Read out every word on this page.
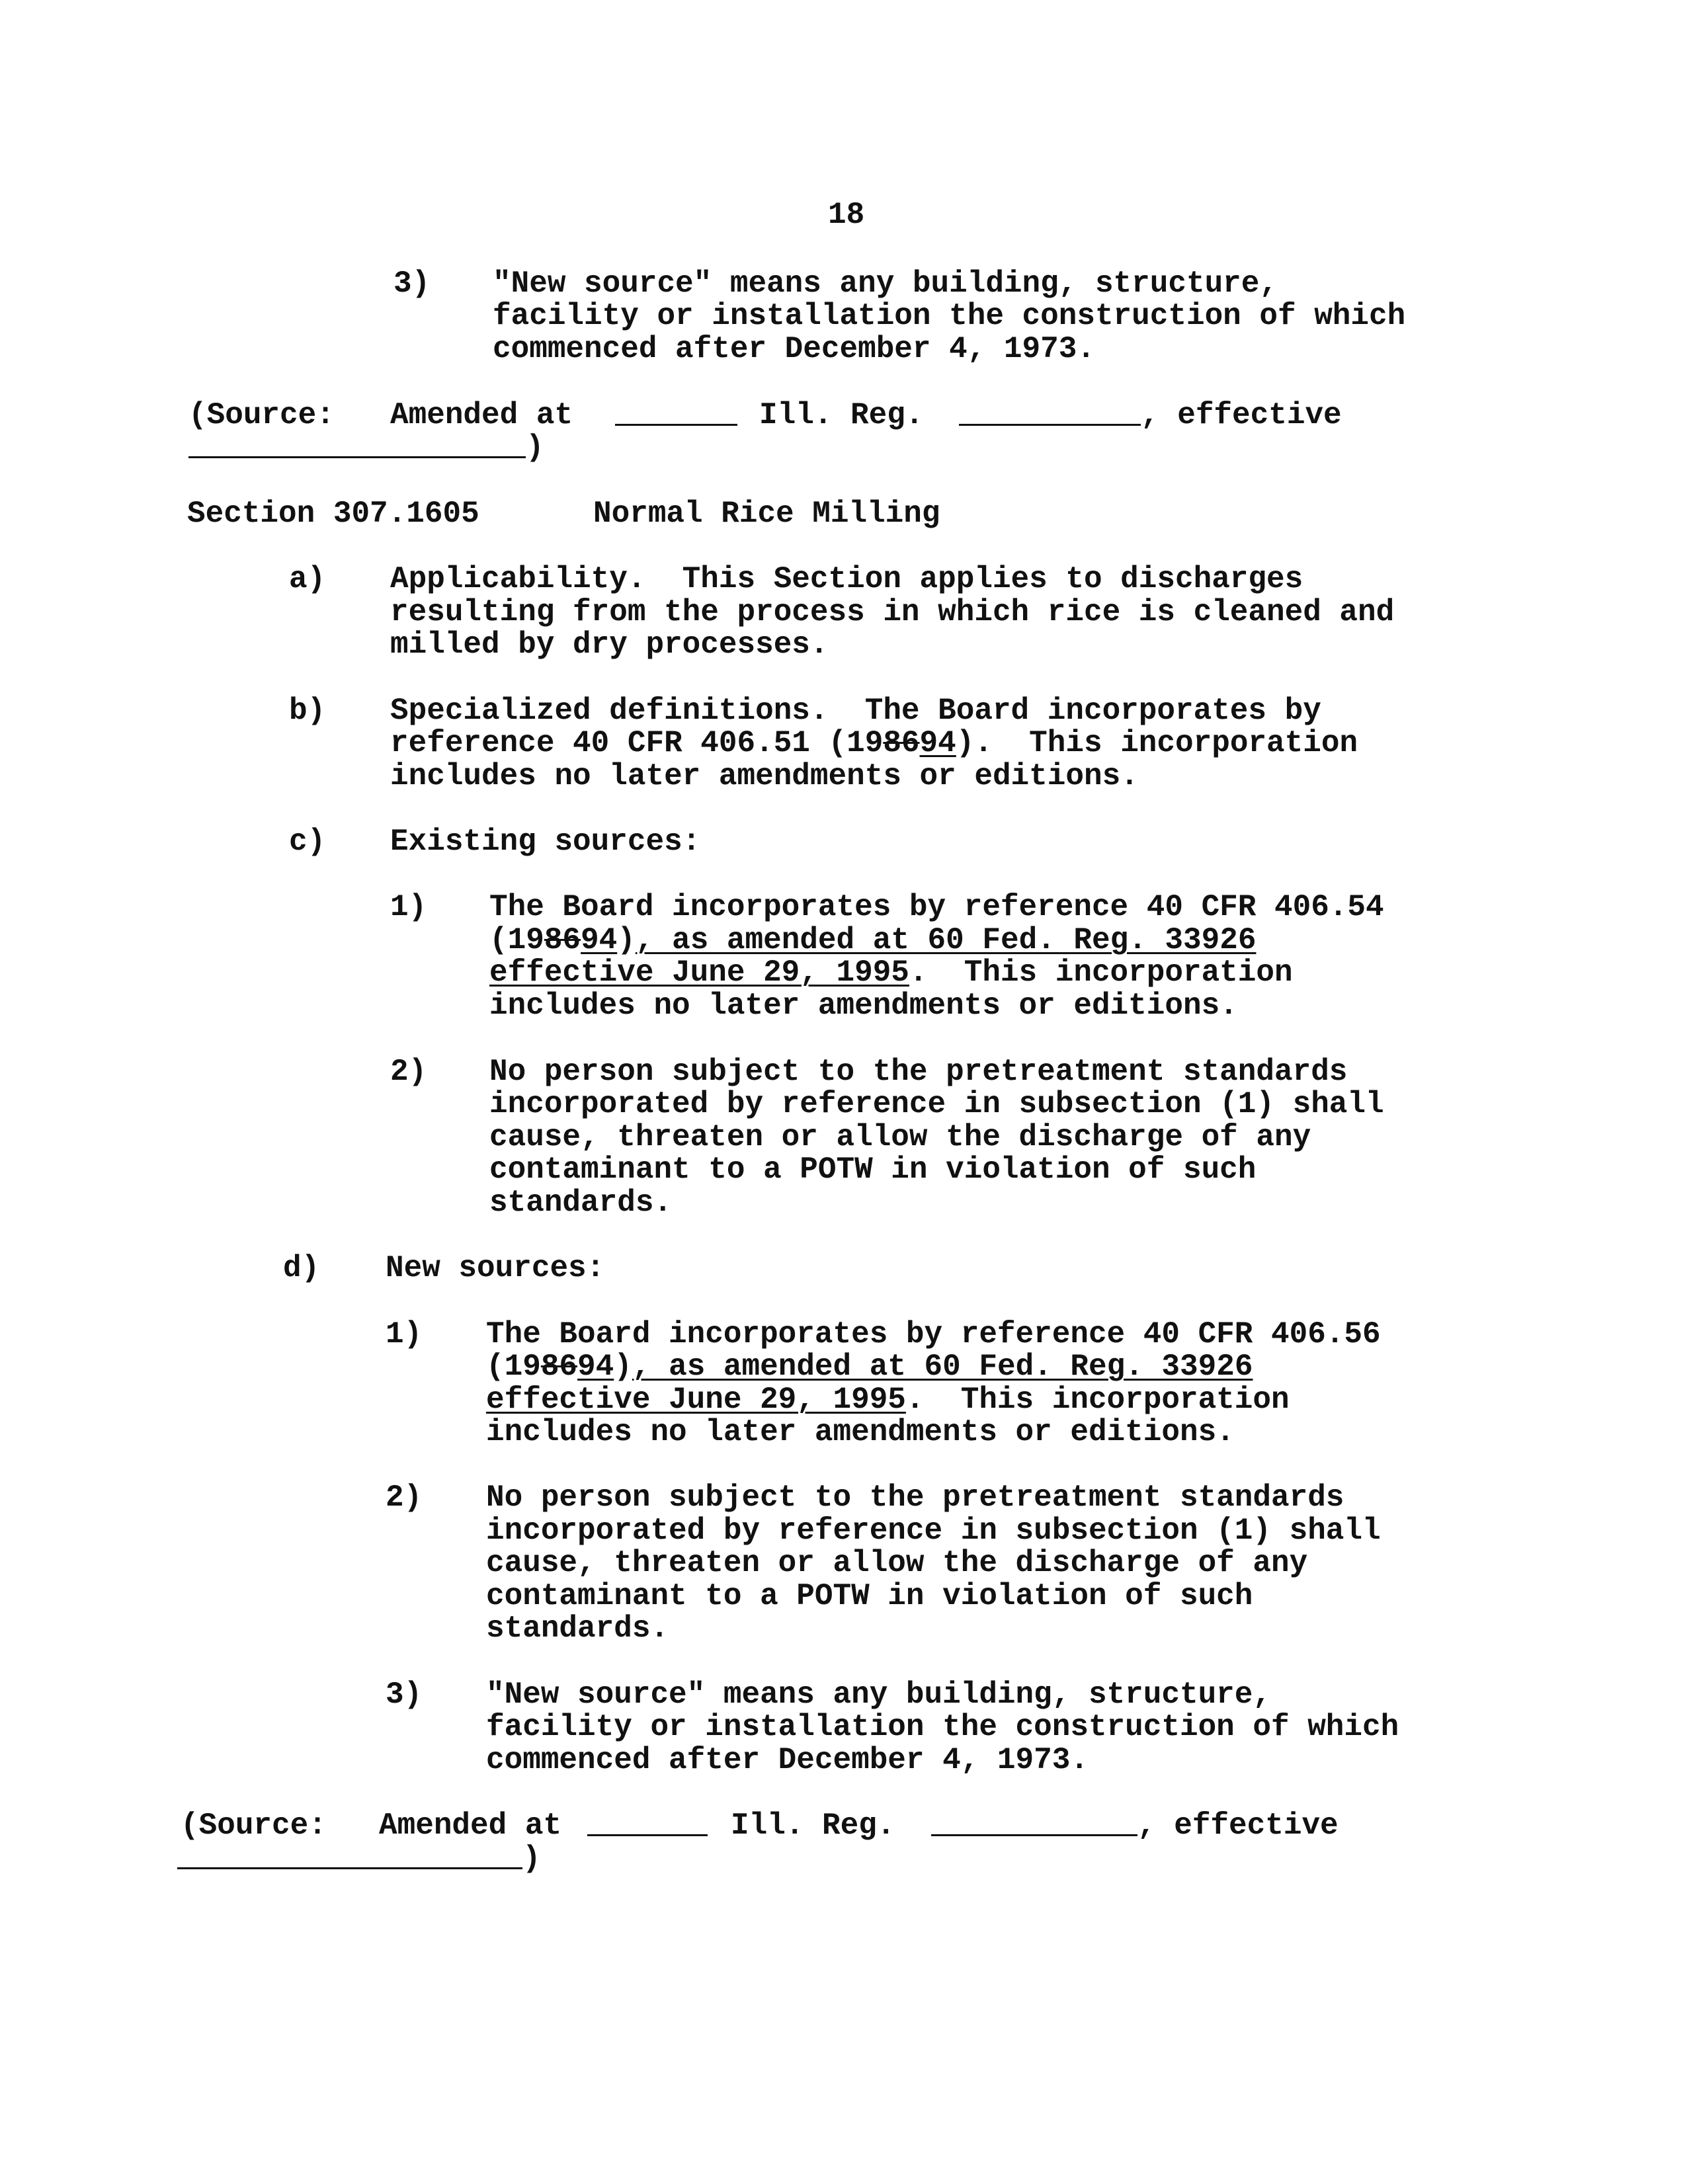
18
3) "New source" means any building, structure,
facility or installation the construction of which
commenced after December 4, 1973.
(Source: Amended at	Ill. Reg.	, effective
)
Section 307.1605	Normal Rice Milling
a) Applicability.  This Section applies to discharges
resulting from the process in which rice is cleaned and
milled by dry processes.
b) Specialized definitions.  The Board incorporates by
reference 40 CFR 406.51 (198694).  This incorporation
includes no later amendments or editions.
c) Existing sources:
1) The Board incorporates by reference 40 CFR 406.54
(198694), as amended at 60 Fed. Reg. 33926
effective June 29, 1995.  This incorporation
includes no later amendments or editions.
2) No person subject to the pretreatment standards
incorporated by reference in subsection (1) shall
cause, threaten or allow the discharge of any
contaminant to a POTW in violation of such
standards.
d) New sources:
1) The Board incorporates by reference 40 CFR 406.56
(198694), as amended at 60 Fed. Reg. 33926
effective June 29, 1995.  This incorporation
includes no later amendments or editions.
2) No person subject to the pretreatment standards
incorporated by reference in subsection (1) shall
cause, threaten or allow the discharge of any
contaminant to a POTW in violation of such
standards.
3) "New source" means any building, structure,
facility or installation the construction of which
commenced after December 4, 1973.
(Source: Amended at	Ill. Reg.	, effective
)
